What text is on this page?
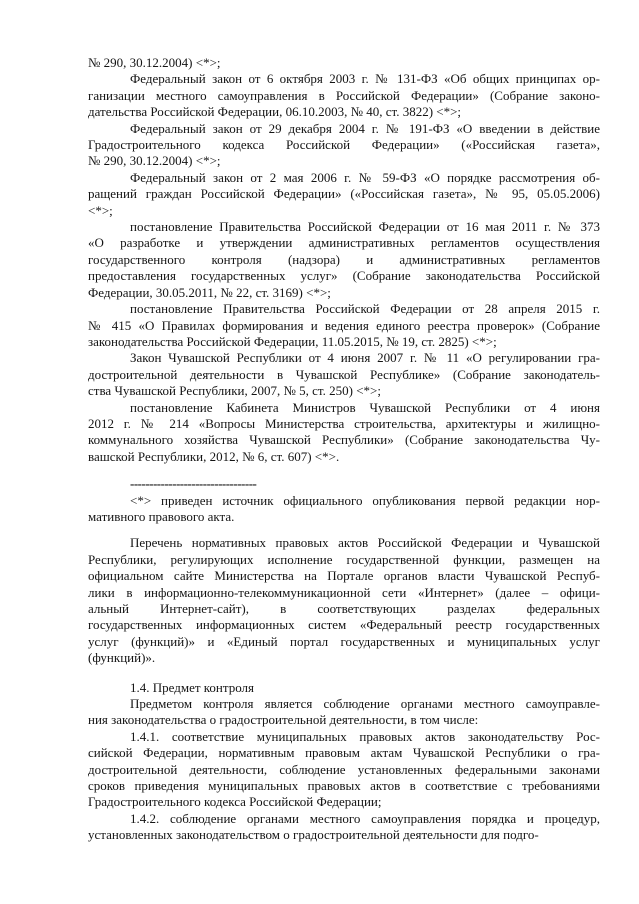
№ 290, 30.12.2004) <*>;
Федеральный закон от 6 октября 2003 г. № 131-ФЗ «Об общих принципах ор-
ганизации местного самоуправления в Российской Федерации» (Собрание законо-
дательства Российской Федерации, 06.10.2003, № 40, ст. 3822) <*>;
Федеральный закон от 29 декабря 2004 г. № 191-ФЗ «О введении в действие
Градостроительного кодекса Российской Федерации» («Российская газета»,
№ 290, 30.12.2004) <*>;
Федеральный закон от 2 мая 2006 г. № 59-ФЗ «О порядке рассмотрения об-
ращений граждан Российской Федерации» («Российская газета», № 95, 05.05.2006)
<*>;
постановление Правительства Российской Федерации от 16 мая 2011 г. № 373
«О разработке и утверждении административных регламентов осуществления
государственного контроля (надзора) и административных регламентов
предоставления государственных услуг» (Собрание законодательства Российской
Федерации, 30.05.2011, № 22, ст. 3169) <*>;
постановление Правительства Российской Федерации от 28 апреля 2015 г.
№ 415 «О Правилах формирования и ведения единого реестра проверок» (Собрание
законодательства Российской Федерации, 11.05.2015, № 19, ст. 2825) <*>;
Закон Чувашской Республики от 4 июня 2007 г. № 11 «О регулировании гра-
достроительной деятельности в Чувашской Республике» (Собрание законодатель-
ства Чувашской Республики, 2007, № 5, ст. 250) <*>;
постановление Кабинета Министров Чувашской Республики от 4 июня
2012 г. № 214 «Вопросы Министерства строительства, архитектуры и жилищно-
коммунального хозяйства Чувашской Республики» (Собрание законодательства Чу-
вашской Республики, 2012, № 6, ст. 607) <*>.
---------------------------------
<*> приведен источник официального опубликования первой редакции нор-
мативного правового акта.
Перечень нормативных правовых актов Российской Федерации и Чувашской
Республики, регулирующих исполнение государственной функции, размещен на
официальном сайте Министерства на Портале органов власти Чувашской Респуб-
лики в информационно-телекоммуникационной сети «Интернет» (далее – офици-
альный Интернет-сайт), в соответствующих разделах федеральных
государственных информационных систем «Федеральный реестр государственных
услуг (функций)» и «Единый портал государственных и муниципальных услуг
(функций)».
1.4. Предмет контроля
Предметом контроля является соблюдение органами местного самоуправле-
ния законодательства о градостроительной деятельности, в том числе:
1.4.1. соответствие муниципальных правовых актов законодательству Рос-
сийской Федерации, нормативным правовым актам Чувашской Республики о гра-
достроительной деятельности, соблюдение установленных федеральными законами
сроков приведения муниципальных правовых актов в соответствие с требованиями
Градостроительного кодекса Российской Федерации;
1.4.2. соблюдение органами местного самоуправления порядка и процедур,
установленных законодательством о градостроительной деятельности для подго-
